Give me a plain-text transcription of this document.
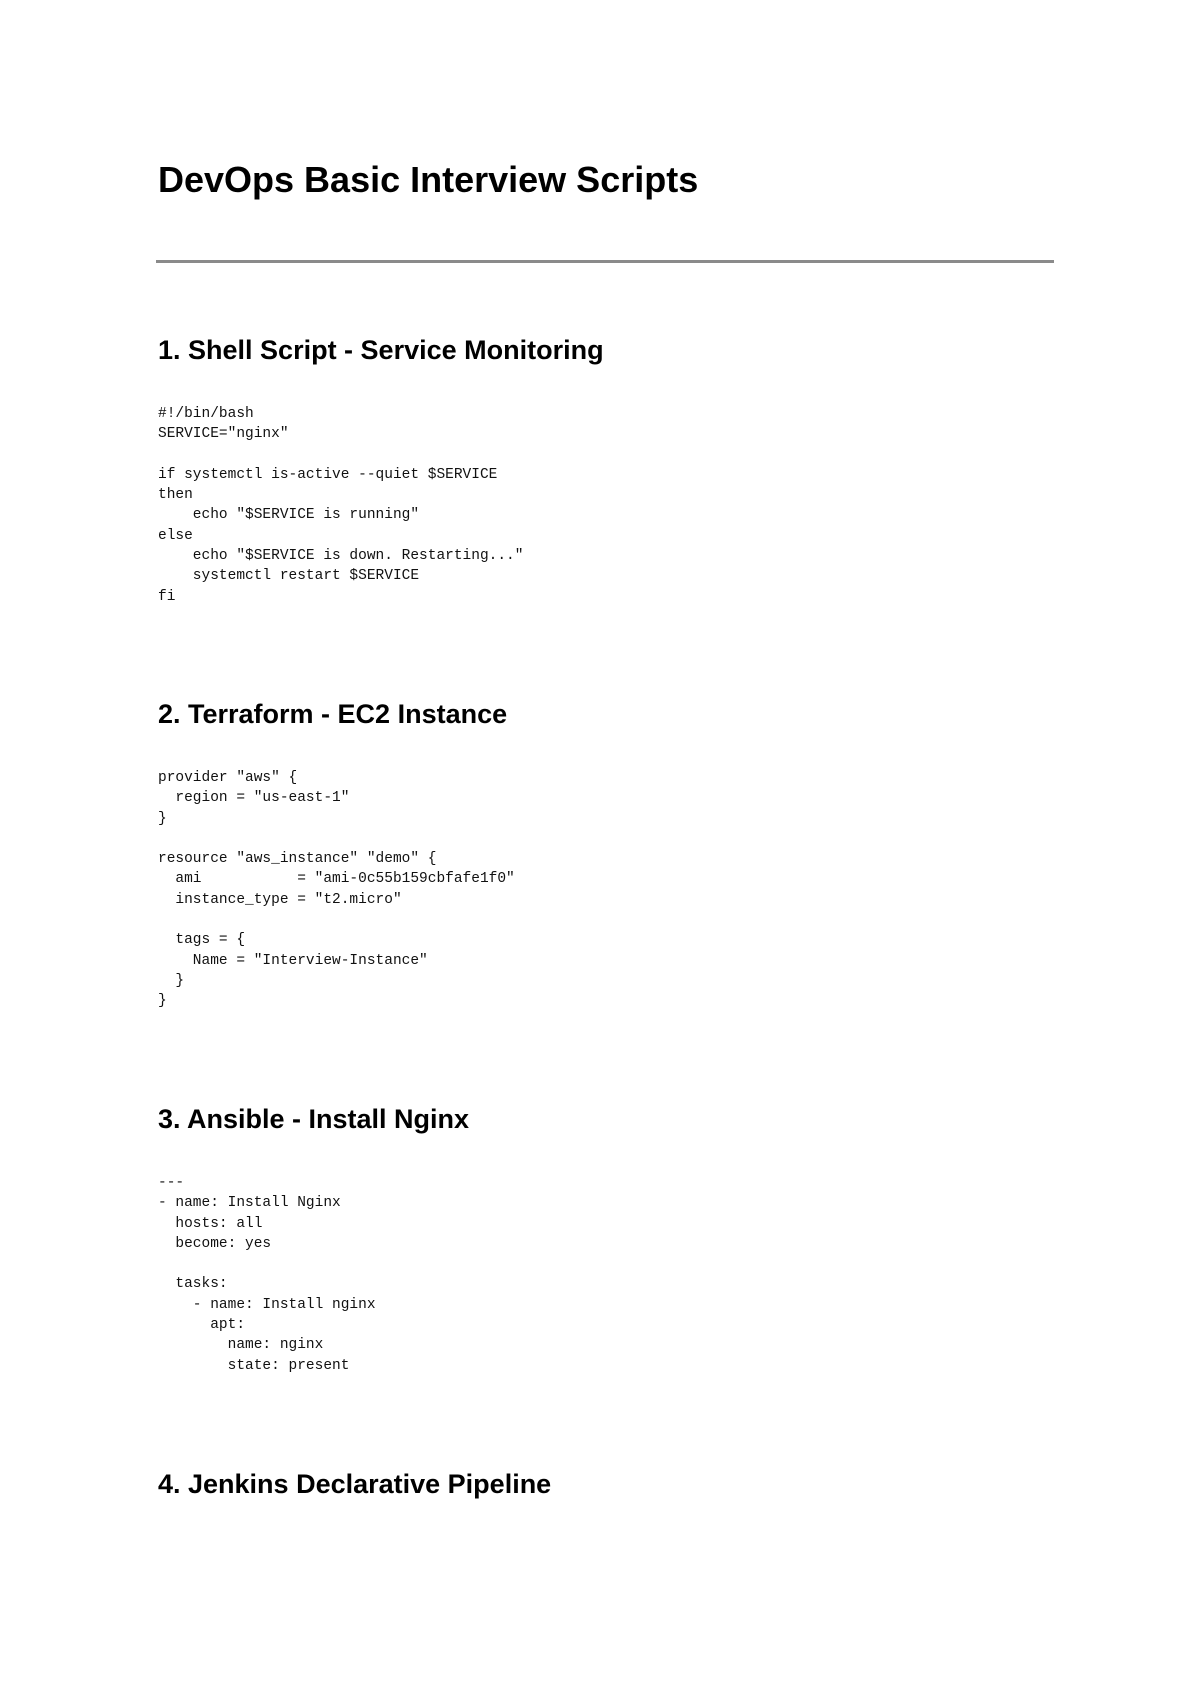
DevOps Basic Interview Scripts
1. Shell Script - Service Monitoring
#!/bin/bash
SERVICE="nginx"
if systemctl is-active --quiet $SERVICE
then
echo "$SERVICE is running"
else
echo "$SERVICE is down. Restarting..."
systemctl restart $SERVICE
fi
2. Terraform - EC2 Instance
provider "aws" {
region = "us-east-1"
}
resource "aws_instance" "demo" {
ami           = "ami-0c55b159cbfafe1f0"
instance_type = "t2.micro"
tags = {
Name = "Interview-Instance"
}
}
3. Ansible - Install Nginx
---
- name: Install Nginx
hosts: all
become: yes
tasks:
- name: Install nginx
apt:
name: nginx
state: present
4. Jenkins Declarative Pipeline
